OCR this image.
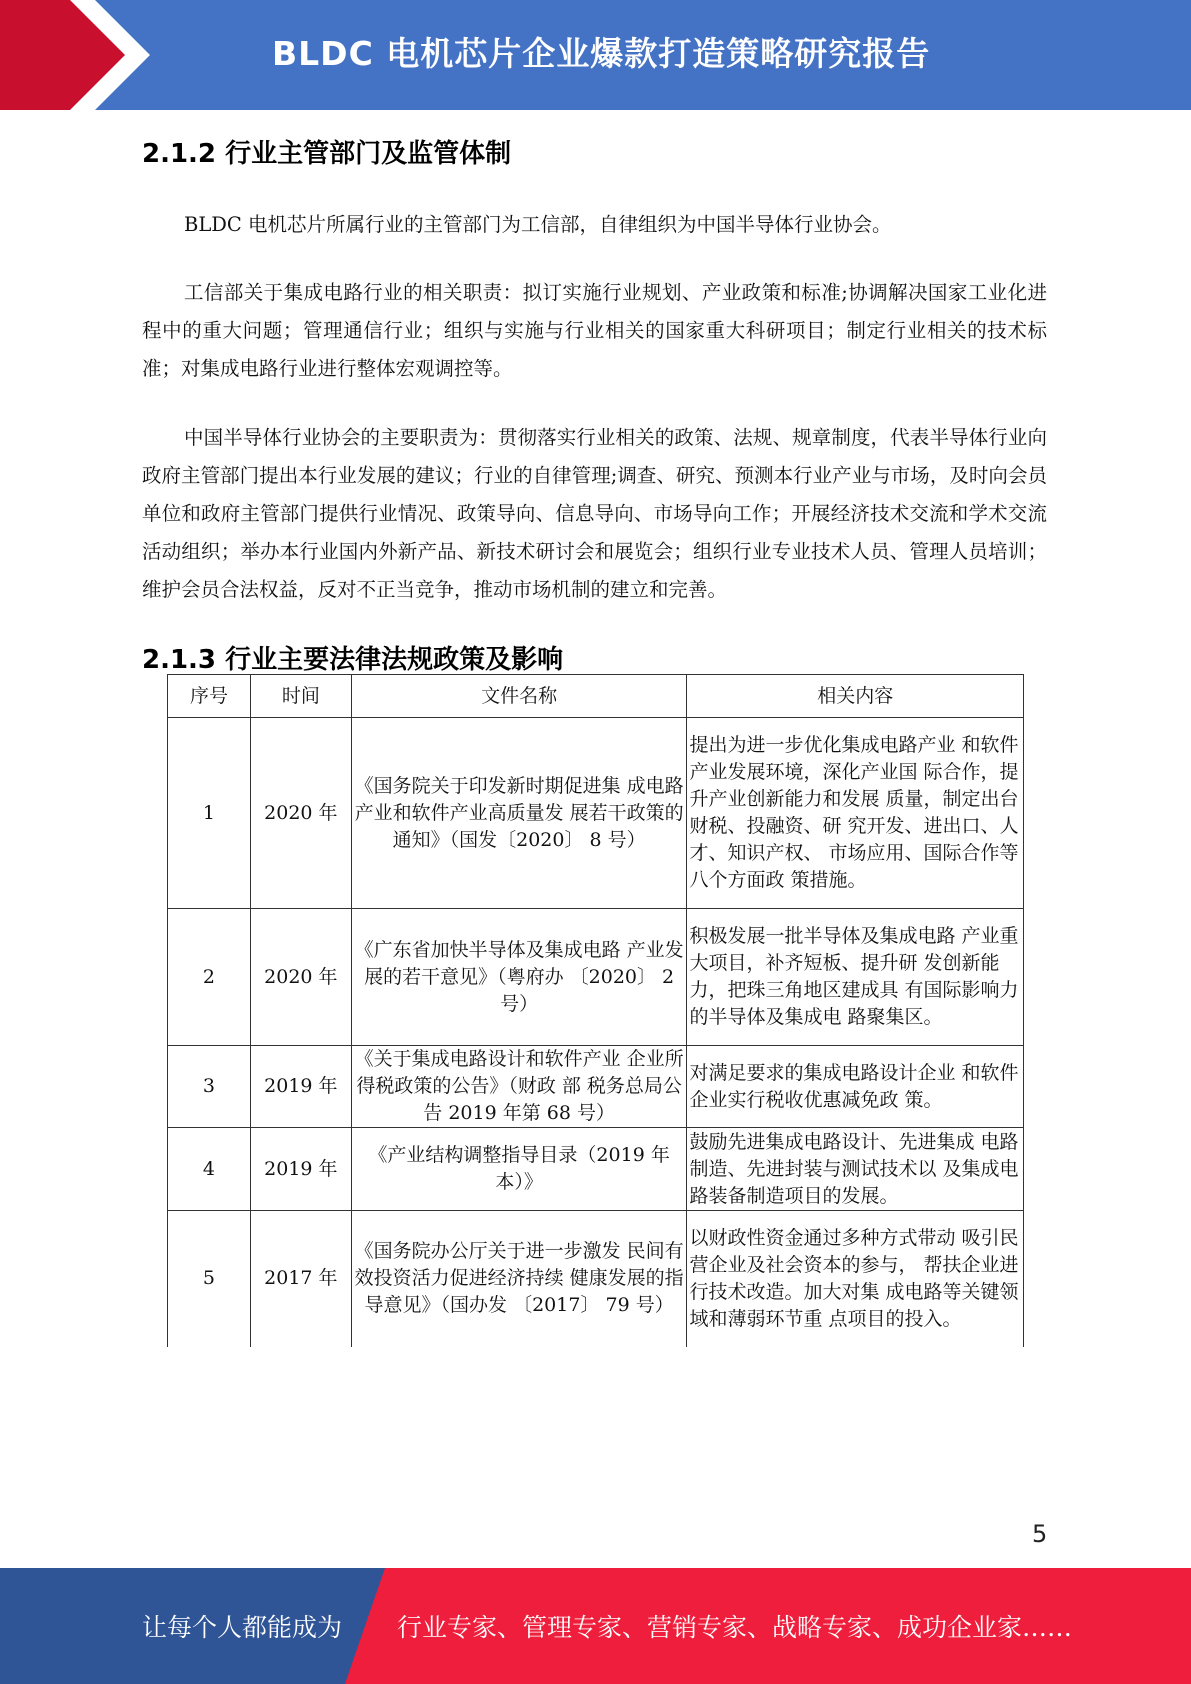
BLDC 电机芯片企业爆款打造策略研究报告
2.1.2 行业主管部门及监管体制

BLDC 电机芯片所属行业的主管部门为工信部，自律组织为中国半导体行业协会。

工信部关于集成电路行业的相关职责：拟订实施行业规划、产业政策和标准;协调解决国家工业化进程中的重大问题；管理通信行业；组织与实施与行业相关的国家重大科研项目；制定行业相关的技术标准；对集成电路行业进行整体宏观调控等。

中国半导体行业协会的主要职责为：贯彻落实行业相关的政策、法规、规章制度，代表半导体行业向政府主管部门提出本行业发展的建议；行业的自律管理;调查、研究、预测本行业产业与市场，及时向会员单位和政府主管部门提供行业情况、政策导向、信息导向、市场导向工作；开展经济技术交流和学术交流活动组织；举办本行业国内外新产品、新技术研讨会和展览会；组织行业专业技术人员、管理人员培训；维护会员合法权益，反对不正当竞争，推动市场机制的建立和完善。

2.1.3 行业主要法律法规政策及影响
序号	时间	文件名称	相关内容
1	2020 年	《国务院关于印发新时期促进集 成电路产业和软件产业高质量发 展若干政策的通知》（国发〔2020〕 8 号）	提出为进一步优化集成电路产业 和软件产业发展环境，深化产业国 际合作，提升产业创新能力和发展 质量，制定出台财税、投融资、研 究开发、进出口、人才、知识产权、 市场应用、国际合作等八个方面政 策措施。
2	2020 年	《广东省加快半导体及集成电路 产业发展的若干意见》（粤府办 〔2020〕 2 号）	积极发展一批半导体及集成电路 产业重大项目，补齐短板、提升研 发创新能力，把珠三角地区建成具 有国际影响力的半导体及集成电 路聚集区。
3	2019 年	《关于集成电路设计和软件产业 企业所得税政策的公告》（财政 部 税务总局公告 2019 年第 68 号）	对满足要求的集成电路设计企业 和软件企业实行税收优惠减免政 策。
4	2019 年	《产业结构调整指导目录（2019 年本）》	鼓励先进集成电路设计、先进集成 电路制造、先进封装与测试技术以 及集成电路装备制造项目的发展。
5	2017 年	《国务院办公厅关于进一步激发 民间有效投资活力促进经济持续 健康发展的指导意见》（国办发 〔2017〕 79 号）	以财政性资金通过多种方式带动 吸引民营企业及社会资本的参与， 帮扶企业进行技术改造。加大对集 成电路等关键领域和薄弱环节重 点项目的投入。
5
让每个人都能成为 行业专家、管理专家、营销专家、战略专家、成功企业家……
